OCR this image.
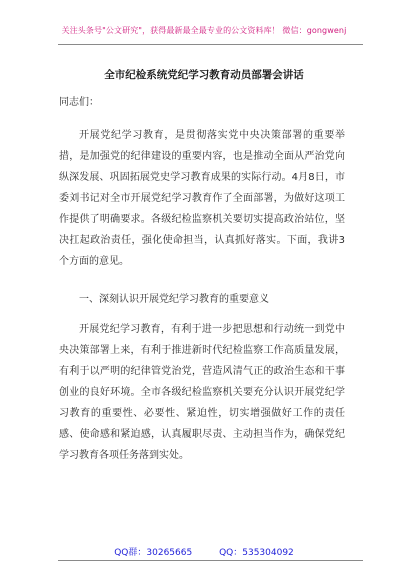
关注头条号"公文研究"，获得最新最全最专业的公文资料库！ 微信：gongwenj
全市纪检系统党纪学习教育动员部署会讲话
同志们：
开展党纪学习教育，是贯彻落实党中央决策部署的重要举措，是加强党的纪律建设的重要内容，也是推动全面从严治党向纵深发展、巩固拓展党史学习教育成果的实际行动。4月8日，市委刘书记对全市开展党纪学习教育作了全面部署，为做好这项工作提供了明确要求。各级纪检监察机关要切实提高政治站位，坚决扛起政治责任，强化使命担当，认真抓好落实。下面，我讲3个方面的意见。
一、深刻认识开展党纪学习教育的重要意义
开展党纪学习教育，有利于进一步把思想和行动统一到党中央决策部署上来，有利于推进新时代纪检监察工作高质量发展，有利于以严明的纪律管党治党，营造风清气正的政治生态和干事创业的良好环境。全市各级纪检监察机关要充分认识开展党纪学习教育的重要性、必要性、紧迫性，切实增强做好工作的责任感、使命感和紧迫感，认真履职尽责、主动担当作为，确保党纪学习教育各项任务落到实处。
QQ群：30265665	QQ：535304092
